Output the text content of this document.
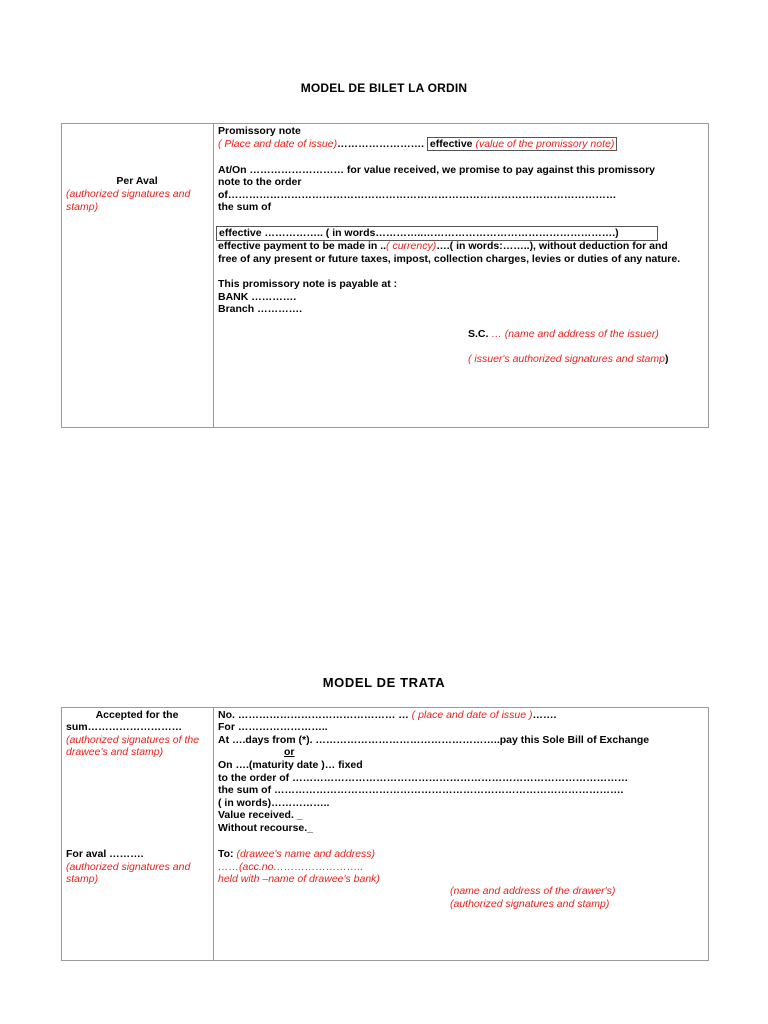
MODEL DE BILET LA ORDIN
Per Aval
(authorized signatures and
stamp)
Promissory note
( Place and date of issue)……………………. effective (value of the promissory note)
At/On ……………………… for value received, we promise to pay against this promissory
note to the order
of…………………………………………………………………………………………………
the sum of
effective …………….. ( in words…………..……………………………………………….)
effective payment to be made in ..( currency)….( in words:……..), without deduction for and
free of any present or future taxes, impost, collection charges, levies or duties of any nature.
This promissory note is payable at :
BANK ………….
Branch ………….
S.C. … (name and address of the issuer)
( issuer's authorized signatures and stamp)
MODEL DE TRATA
Accepted for the
sum………………………
(authorized signatures of the
drawee's and stamp)
For aval ……….
(authorized signatures and
stamp)
No. ……………………………………… … ( place and date of issue )…….
For ……………………..
At ….days from (*). ……………………………………………..pay this Sole Bill of Exchange
or
On ….(maturity date )… fixed
to the order of ……………………………………………………………………………………
the sum of ……………………………………………………………………………………….
( in words)……………..
Value received. _
Without recourse._
To: (drawee's name and address)
……(acc.no……………………..
held with –name of drawee's bank)
(name and address of the drawer's)
(authorized signatures and stamp)
